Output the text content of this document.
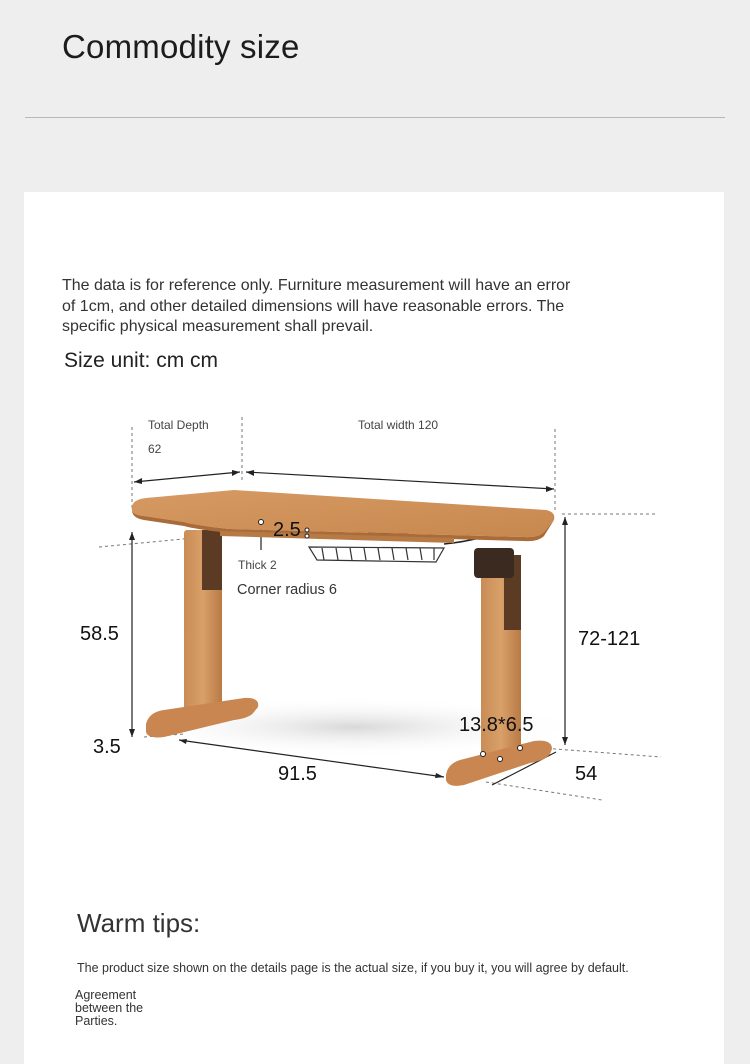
Commodity size
The data is for reference only. Furniture measurement will have an error of 1cm, and other detailed dimensions will have reasonable errors. The specific physical measurement shall prevail.
Size unit: cm cm
Total Depth
62
Total width 120
2.5
Thick 2
Corner radius 6
58.5	72-121
13.8*6.5
3.5
91.5	54
Warm tips:
The product size shown on the details page is the actual size, if you buy it, you will agree by default.
Agreement between the Parties.
